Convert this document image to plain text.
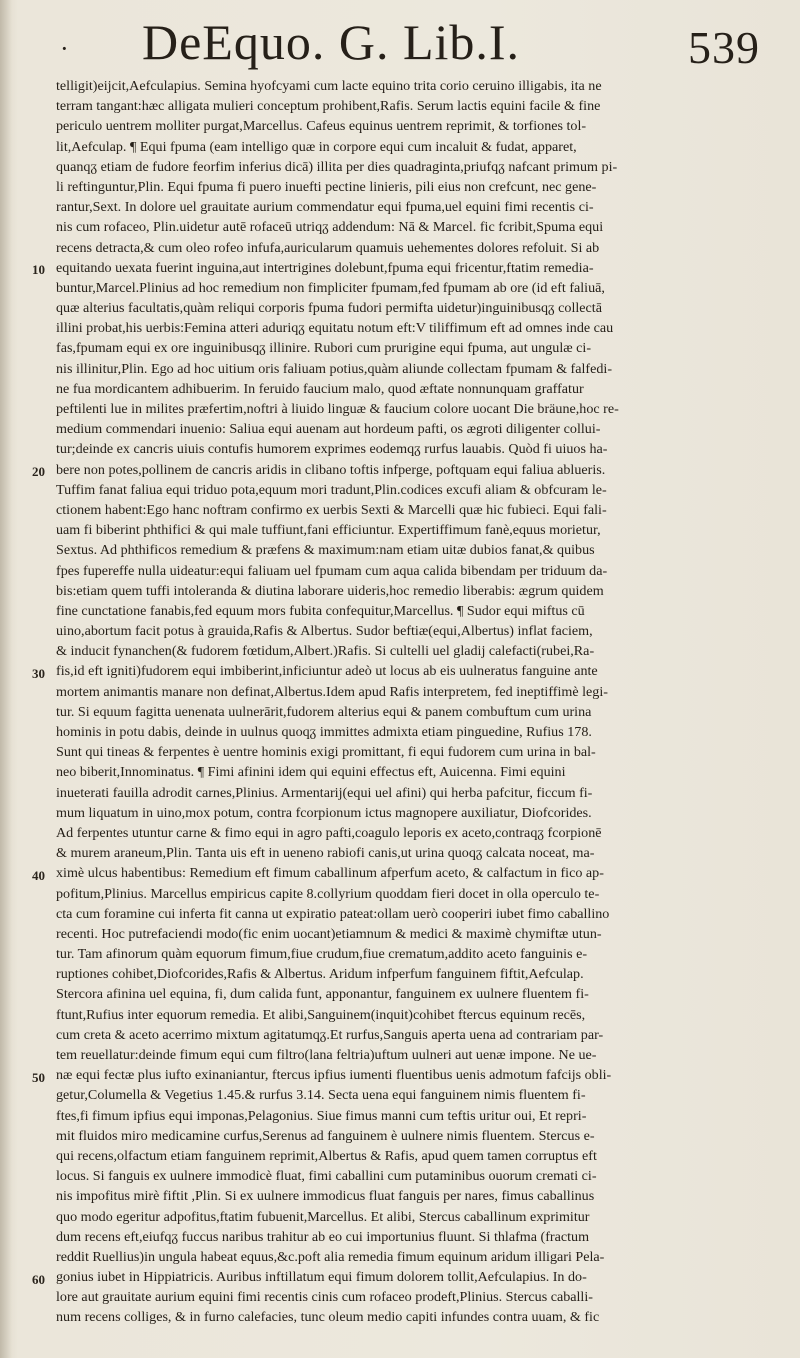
· DeEquo. G. Lib.I.	539
10
20
30
40
50
60
telligit)eijcit,Aefculapius. Semina hyofcyami cum lacte equino trita corio ceruino illigabis, ita ne
terram tangant:hæc alligata mulieri conceptum prohibent,Rafis. Serum lactis equini facile & fine
periculo uentrem molliter purgat,Marcellus. Cafeus equinus uentrem reprimit, & torfiones tol-
lit,Aefculap. ¶ Equi fpuma (eam intelligo quæ in corpore equi cum incaluit & fudat, apparet,
quanqᵹ etiam de fudore feorfim inferius dicā) illita per dies quadraginta,priufqᵹ nafcant primum pi-
li reftinguntur,Plin. Equi fpuma fi puero inuefti pectine linieris, pili eius non crefcunt, nec gene-
rantur,Sext. In dolore uel grauitate aurium commendatur equi fpuma,uel equini fimi recentis ci-
nis cum rofaceo, Plin.uidetur autē rofaceū utriqᵹ addendum: Nā & Marcel. fic fcribit,Spuma equi
recens detracta,& cum oleo rofeo infufa,auricularum quamuis uehementes dolores refoluit. Si ab
equitando uexata fuerint inguina,aut intertrigines dolebunt,fpuma equi fricentur,ftatim remedia-
buntur,Marcel.Plinius ad hoc remedium non fimpliciter fpumam,fed fpumam ab ore (id eft faliuā,
quæ alterius facultatis,quàm reliqui corporis fpuma fudori permifta uidetur)inguinibusqᵹ collectā
illini probat,his uerbis:Femina atteri aduriqᵹ equitatu notum eft:V tiliffimum eft ad omnes inde cau
fas,fpumam equi ex ore inguinibusqᵹ illinire. Rubori cum prurigine equi fpuma, aut ungulæ ci-
nis illinitur,Plin. Ego ad hoc uitium oris faliuam potius,quàm aliunde collectam fpumam & falfedi-
ne fua mordicantem adhibuerim. In feruido faucium malo, quod æftate nonnunquam graffatur
peftilenti lue in milites præfertim,noftri à liuido linguæ & faucium colore uocant Die bräune,hoc re-
medium commendari inuenio: Saliua equi auenam aut hordeum pafti, os ægroti diligenter collui-
tur;deinde ex cancris uiuis contufis humorem exprimes eodemqᵹ rurfus lauabis. Quòd fi uiuos ha-
bere non potes,pollinem de cancris aridis in clibano toftis infperge, poftquam equi faliua ablueris.
Tuffim fanat faliua equi triduo pota,equum mori tradunt,Plin.codices excufi aliam & obfcuram le-
ctionem habent:Ego hanc noftram confirmo ex uerbis Sexti & Marcelli quæ hic fubieci. Equi fali-
uam fi biberint phthifici & qui male tuffiunt,fani efficiuntur. Expertiffimum fanè,equus morietur,
Sextus. Ad phthificos remedium & præfens & maximum:nam etiam uitæ dubios fanat,& quibus
fpes fupereffe nulla uideatur:equi faliuam uel fpumam cum aqua calida bibendam per triduum da-
bis:etiam quem tuffi intoleranda & diutina laborare uideris,hoc remedio liberabis: ægrum quidem
fine cunctatione fanabis,fed equum mors fubita confequitur,Marcellus. ¶ Sudor equi miftus cū
uino,abortum facit potus à grauida,Rafis & Albertus. Sudor beftiæ(equi,Albertus) inflat faciem,
& inducit fynanchen(& fudorem fœtidum,Albert.)Rafis. Si cultelli uel gladij calefacti(rubei,Ra-
fis,id eft igniti)fudorem equi imbiberint,inficiuntur adeò ut locus ab eis uulneratus fanguine ante
mortem animantis manare non definat,Albertus.Idem apud Rafis interpretem, fed ineptiffimè legi-
tur. Si equum fagitta uenenata uulnerārit,fudorem alterius equi & panem combuftum cum urina
hominis in potu dabis, deinde in uulnus quoqᵹ immittes admixta etiam pinguedine, Rufius 178.
Sunt qui tineas & ferpentes è uentre hominis exigi promittant, fi equi fudorem cum urina in bal-
neo biberit,Innominatus. ¶ Fimi afinini idem qui equini effectus eft, Auicenna. Fimi equini
inueterati fauilla adrodit carnes,Plinius. Armentarij(equi uel afini) qui herba pafcitur, ficcum fi-
mum liquatum in uino,mox potum, contra fcorpionum ictus magnopere auxiliatur, Diofcorides.
Ad ferpentes utuntur carne & fimo equi in agro pafti,coagulo leporis ex aceto,contraqᵹ fcorpionē
& murem araneum,Plin. Tanta uis eft in ueneno rabiofi canis,ut urina quoqᵹ calcata noceat, ma-
ximè ulcus habentibus: Remedium eft fimum caballinum afperfum aceto, & calfactum in fico ap-
pofitum,Plinius. Marcellus empiricus capite 8.collyrium quoddam fieri docet in olla operculo te-
cta cum foramine cui inferta fit canna ut expiratio pateat:ollam uerò cooperiri iubet fimo caballino
recenti. Hoc putrefaciendi modo(fic enim uocant)etiamnum & medici & maximè chymiftæ utun-
tur. Tam afinorum quàm equorum fimum,fiue crudum,fiue crematum,addito aceto fanguinis e-
ruptiones cohibet,Diofcorides,Rafis & Albertus. Aridum infperfum fanguinem fiftit,Aefculap.
Stercora afinina uel equina, fi, dum calida funt, apponantur, fanguinem ex uulnere fluentem fi-
ftunt,Rufius inter equorum remedia. Et alibi,Sanguinem(inquit)cohibet ftercus equinum recēs,
cum creta & aceto acerrimo mixtum agitatumqᵹ.Et rurfus,Sanguis aperta uena ad contrariam par-
tem reuellatur:deinde fimum equi cum filtro(lana feltria)uftum uulneri aut uenæ impone. Ne ue-
næ equi fectæ plus iufto exinaniantur, ftercus ipfius iumenti fluentibus uenis admotum fafcijs obli-
getur,Columella & Vegetius 1.45.& rurfus 3.14. Secta uena equi fanguinem nimis fluentem fi-
ftes,fi fimum ipfius equi imponas,Pelagonius. Siue fimus manni cum teftis uritur oui, Et repri-
mit fluidos miro medicamine curfus,Serenus ad fanguinem è uulnere nimis fluentem. Stercus e-
qui recens,olfactum etiam fanguinem reprimit,Albertus & Rafis, apud quem tamen corruptus eft
locus. Si fanguis ex uulnere immodicè fluat, fimi caballini cum putaminibus ouorum cremati ci-
nis impofitus mirè fiftit ,Plin. Si ex uulnere immodicus fluat fanguis per nares, fimus caballinus
quo modo egeritur adpofitus,ftatim fubuenit,Marcellus. Et alibi, Stercus caballinum exprimitur
dum recens eft,eiufqᵹ fuccus naribus trahitur ab eo cui importunius fluunt. Si thlafma (fractum
reddit Ruellius)in ungula habeat equus,&c.poft alia remedia fimum equinum aridum illigari Pela-
gonius iubet in Hippiatricis. Auribus inftillatum equi fimum dolorem tollit,Aefculapius. In do-
lore aut grauitate aurium equini fimi recentis cinis cum rofaceo prodeft,Plinius. Stercus caballi-
num recens colliges, & in furno calefacies, tunc oleum medio capiti infundes contra uuam, & fic
